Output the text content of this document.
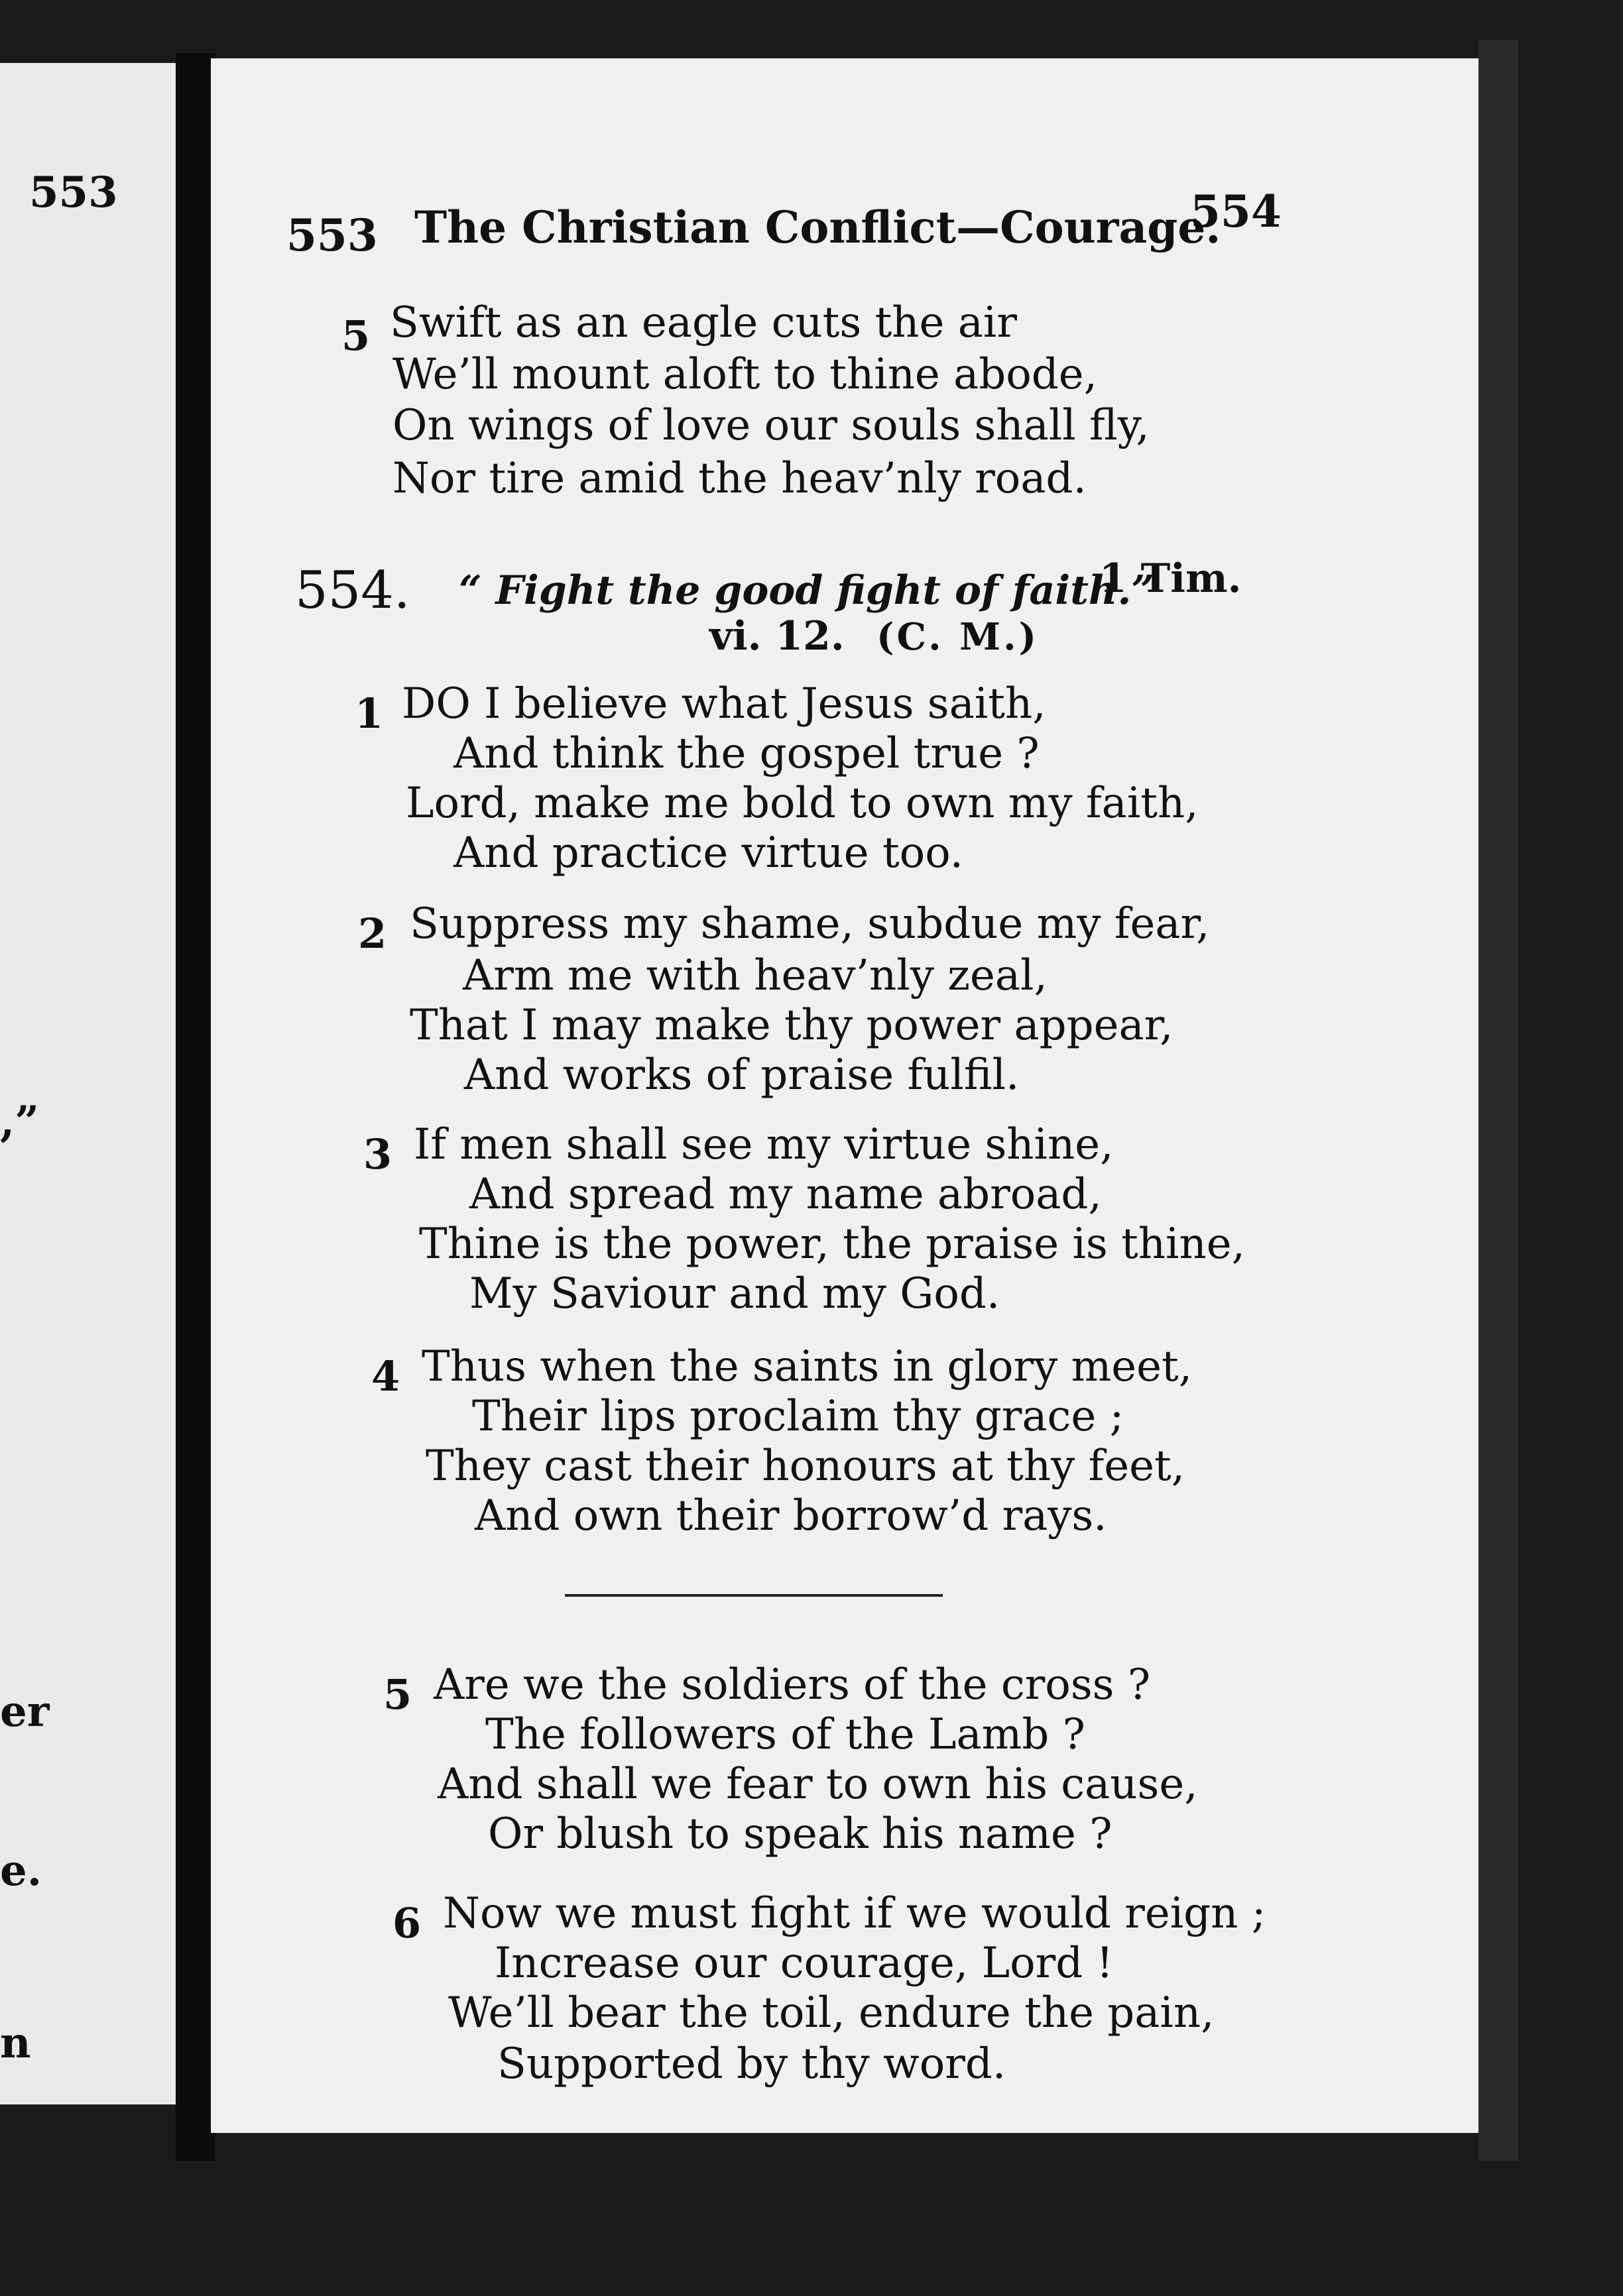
553
,”
er
e.
n
553 The Christian Conflict—Courage.
554
5 Swift as an eagle cuts the air
We’ll mount aloft to thine abode,
On wings of love our souls shall fly,
Nor tire amid the heav’nly road.
554. “ Fight the good fight of faith.”
1 Tim.
vi. 12. (C. M.)
1 DO I believe what Jesus saith,
And think the gospel true ?
Lord, make me bold to own my faith,
And practice virtue too.
2 Suppress my shame, subdue my fear,
Arm me with heav’nly zeal,
That I may make thy power appear,
And works of praise fulfil.
3 If men shall see my virtue shine,
And spread my name abroad,
Thine is the power, the praise is thine,
My Saviour and my God.
4 Thus when the saints in glory meet,
Their lips proclaim thy grace ;
They cast their honours at thy feet,
And own their borrow’d rays.
5 Are we the soldiers of the cross ?
The followers of the Lamb ?
And shall we fear to own his cause,
Or blush to speak his name ?
6 Now we must fight if we would reign ;
Increase our courage, Lord !
We’ll bear the toil, endure the pain,
Supported by thy word.
